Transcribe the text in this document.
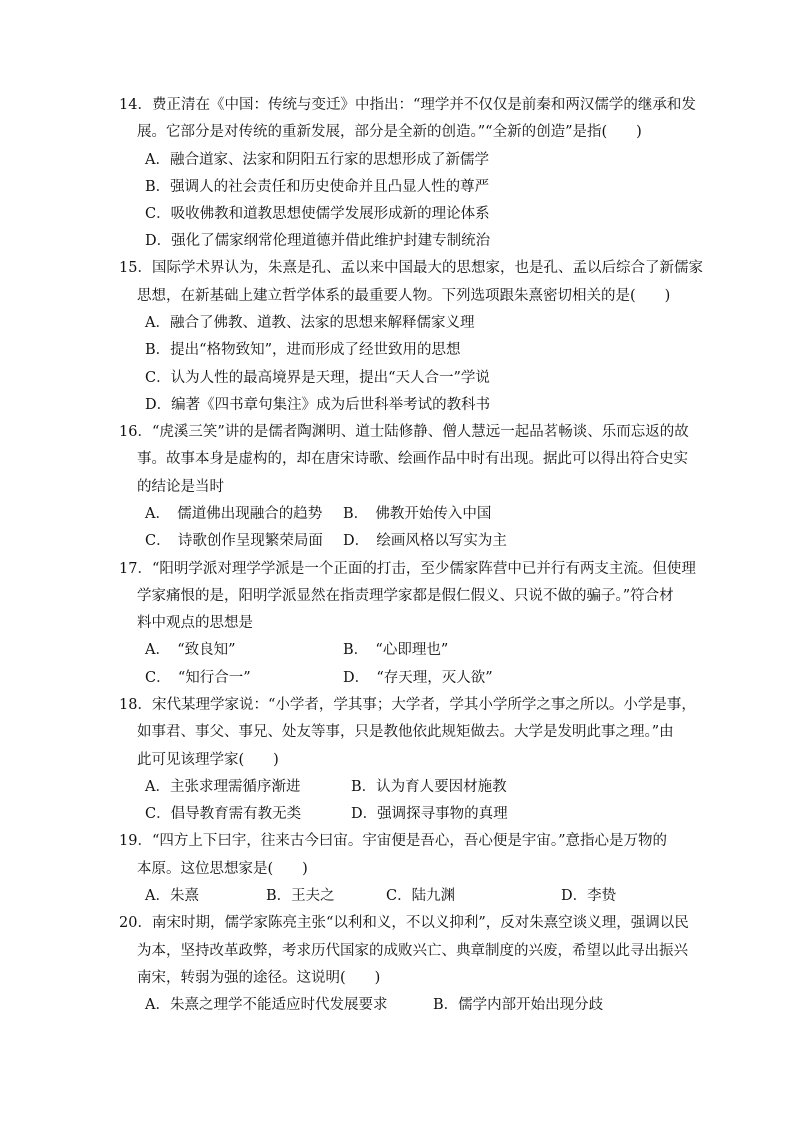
14．费正清在《中国：传统与变迁》中指出：“理学并不仅仅是前秦和两汉儒学的继承和发
展。它部分是对传统的重新发展，部分是全新的创造。”“全新的创造”是指(　　)
A．融合道家、法家和阴阳五行家的思想形成了新儒学
B．强调人的社会责任和历史使命并且凸显人性的尊严
C．吸收佛教和道教思想使儒学发展形成新的理论体系
D．强化了儒家纲常伦理道德并借此维护封建专制统治
15．国际学术界认为，朱熹是孔、孟以来中国最大的思想家，也是孔、孟以后综合了新儒家
思想，在新基础上建立哲学体系的最重要人物。下列选项跟朱熹密切相关的是(　　)
A．融合了佛教、道教、法家的思想来解释儒家义理
B．提出“格物致知”，进而形成了经世致用的思想
C．认为人性的最高境界是天理，提出“天人合一”学说
D．编著《四书章句集注》成为后世科举考试的教科书
16．“虎溪三笑”讲的是儒者陶渊明、道士陆修静、僧人慧远一起品茗畅谈、乐而忘返的故
事。故事本身是虚构的，却在唐宋诗歌、绘画作品中时有出现。据此可以得出符合史实
的结论是当时
A．　儒道佛出现融合的趋势 B．　佛教开始传入中国
C．　诗歌创作呈现繁荣局面 D．　绘画风格以写实为主
17．“阳明学派对理学学派是一个正面的打击，至少儒家阵营中已并行有两支主流。但使理
学家痛恨的是，阳明学派显然在指责理学家都是假仁假义、只说不做的骗子。”符合材
料中观点的思想是
A．　“致良知”	B．　“心即理也”
C．　“知行合一”	D．　“存天理，灭人欲”
18．宋代某理学家说：“小学者，学其事；大学者，学其小学所学之事之所以。小学是事，
如事君、事父、事兄、处友等事，只是教他依此规矩做去。大学是发明此事之理。”由
此可见该理学家(　　)
A．主张求理需循序渐进	B．认为育人要因材施教
C．倡导教育需有教无类	D．强调探寻事物的真理
19．“四方上下曰宇，往来古今曰宙。宇宙便是吾心，吾心便是宇宙。”意指心是万物的
本原。这位思想家是(　　)
A．朱熹	B．王夫之	C．陆九渊	D．李贽
20．南宋时期，儒学家陈亮主张“以利和义，不以义抑利”，反对朱熹空谈义理，强调以民
为本，坚持改革政弊，考求历代国家的成败兴亡、典章制度的兴废，希望以此寻出振兴
南宋，转弱为强的途径。这说明(　　)
A．朱熹之理学不能适应时代发展要求	B．儒学内部开始出现分歧
